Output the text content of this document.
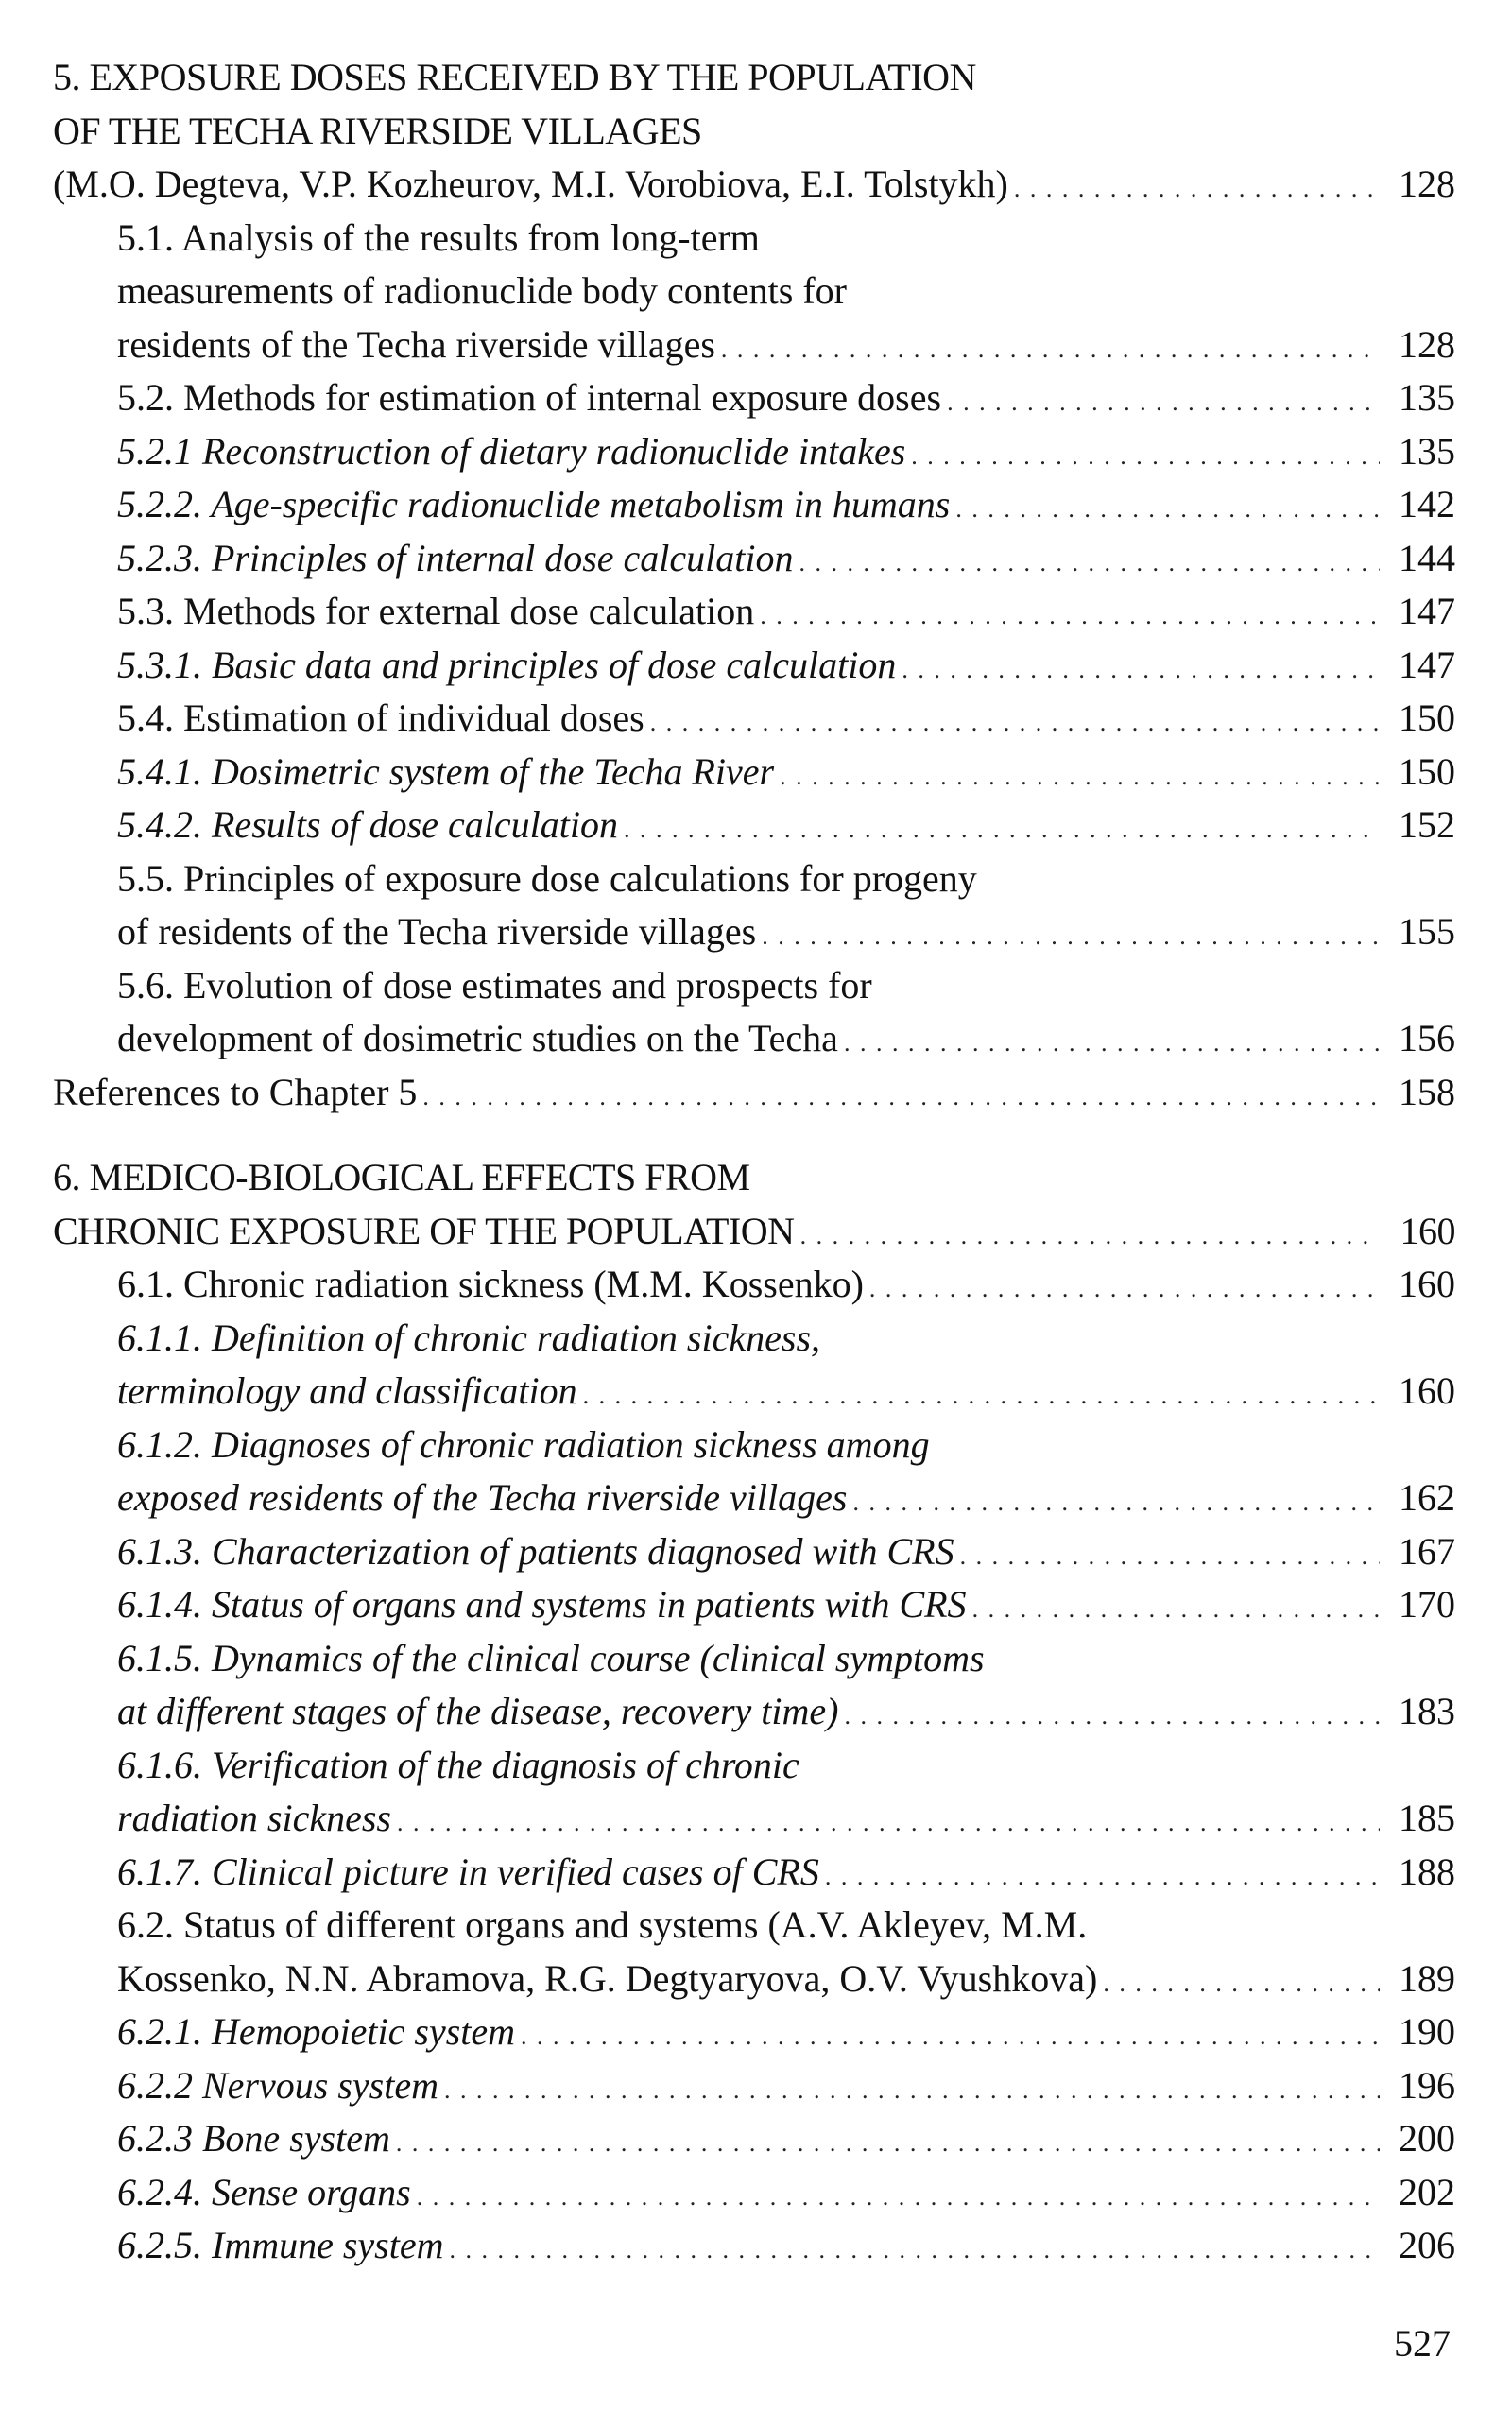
5. EXPOSURE DOSES RECEIVED BY THE POPULATION
OF THE TECHA RIVERSIDE VILLAGES
(M.O. Degteva, V.P. Kozheurov, M.I. Vorobiova, E.I. Tolstykh) . . .	128
5.1. Analysis of the results from long-term
measurements of radionuclide body contents for
residents of the Techa riverside villages . . .	128
5.2. Methods for estimation of internal exposure doses . . .	135
5.2.1 Reconstruction of dietary radionuclide intakes . . .	135
5.2.2. Age-specific radionuclide metabolism in humans . . .	142
5.2.3. Principles of internal dose calculation . . .	144
5.3. Methods for external dose calculation . . .	147
5.3.1. Basic data and principles of dose calculation . . .	147
5.4. Estimation of individual doses . . .	150
5.4.1. Dosimetric system of the Techa River . . .	150
5.4.2. Results of dose calculation . . .	152
5.5. Principles of exposure dose calculations for progeny
of residents of the Techa riverside villages . . .	155
5.6. Evolution of dose estimates and prospects for
development of dosimetric studies on the Techa . . .	156
References to Chapter 5 . . .	158
6. MEDICO-BIOLOGICAL EFFECTS FROM
CHRONIC EXPOSURE OF THE POPULATION . . .	160
6.1. Chronic radiation sickness (M.M. Kossenko) . . .	160
6.1.1. Definition of chronic radiation sickness,
terminology and classification . . .	160
6.1.2. Diagnoses of chronic radiation sickness among
exposed residents of the Techa riverside villages . . .	162
6.1.3. Characterization of patients diagnosed with CRS . . .	167
6.1.4. Status of organs and systems in patients with CRS . . .	170
6.1.5. Dynamics of the clinical course (clinical symptoms
at different stages of the disease, recovery time) . . .	183
6.1.6. Verification of the diagnosis of chronic
radiation sickness . . .	185
6.1.7. Clinical picture in verified cases of CRS . . .	188
6.2. Status of different organs and systems (A.V. Akleyev, M.M.
Kossenko, N.N. Abramova, R.G. Degtyaryova, O.V. Vyushkova) . . .	189
6.2.1. Hemopoietic system . . .	190
6.2.2 Nervous system . . .	196
6.2.3 Bone system . . .	200
6.2.4. Sense organs . . .	202
6.2.5. Immune system . . .	206
527
